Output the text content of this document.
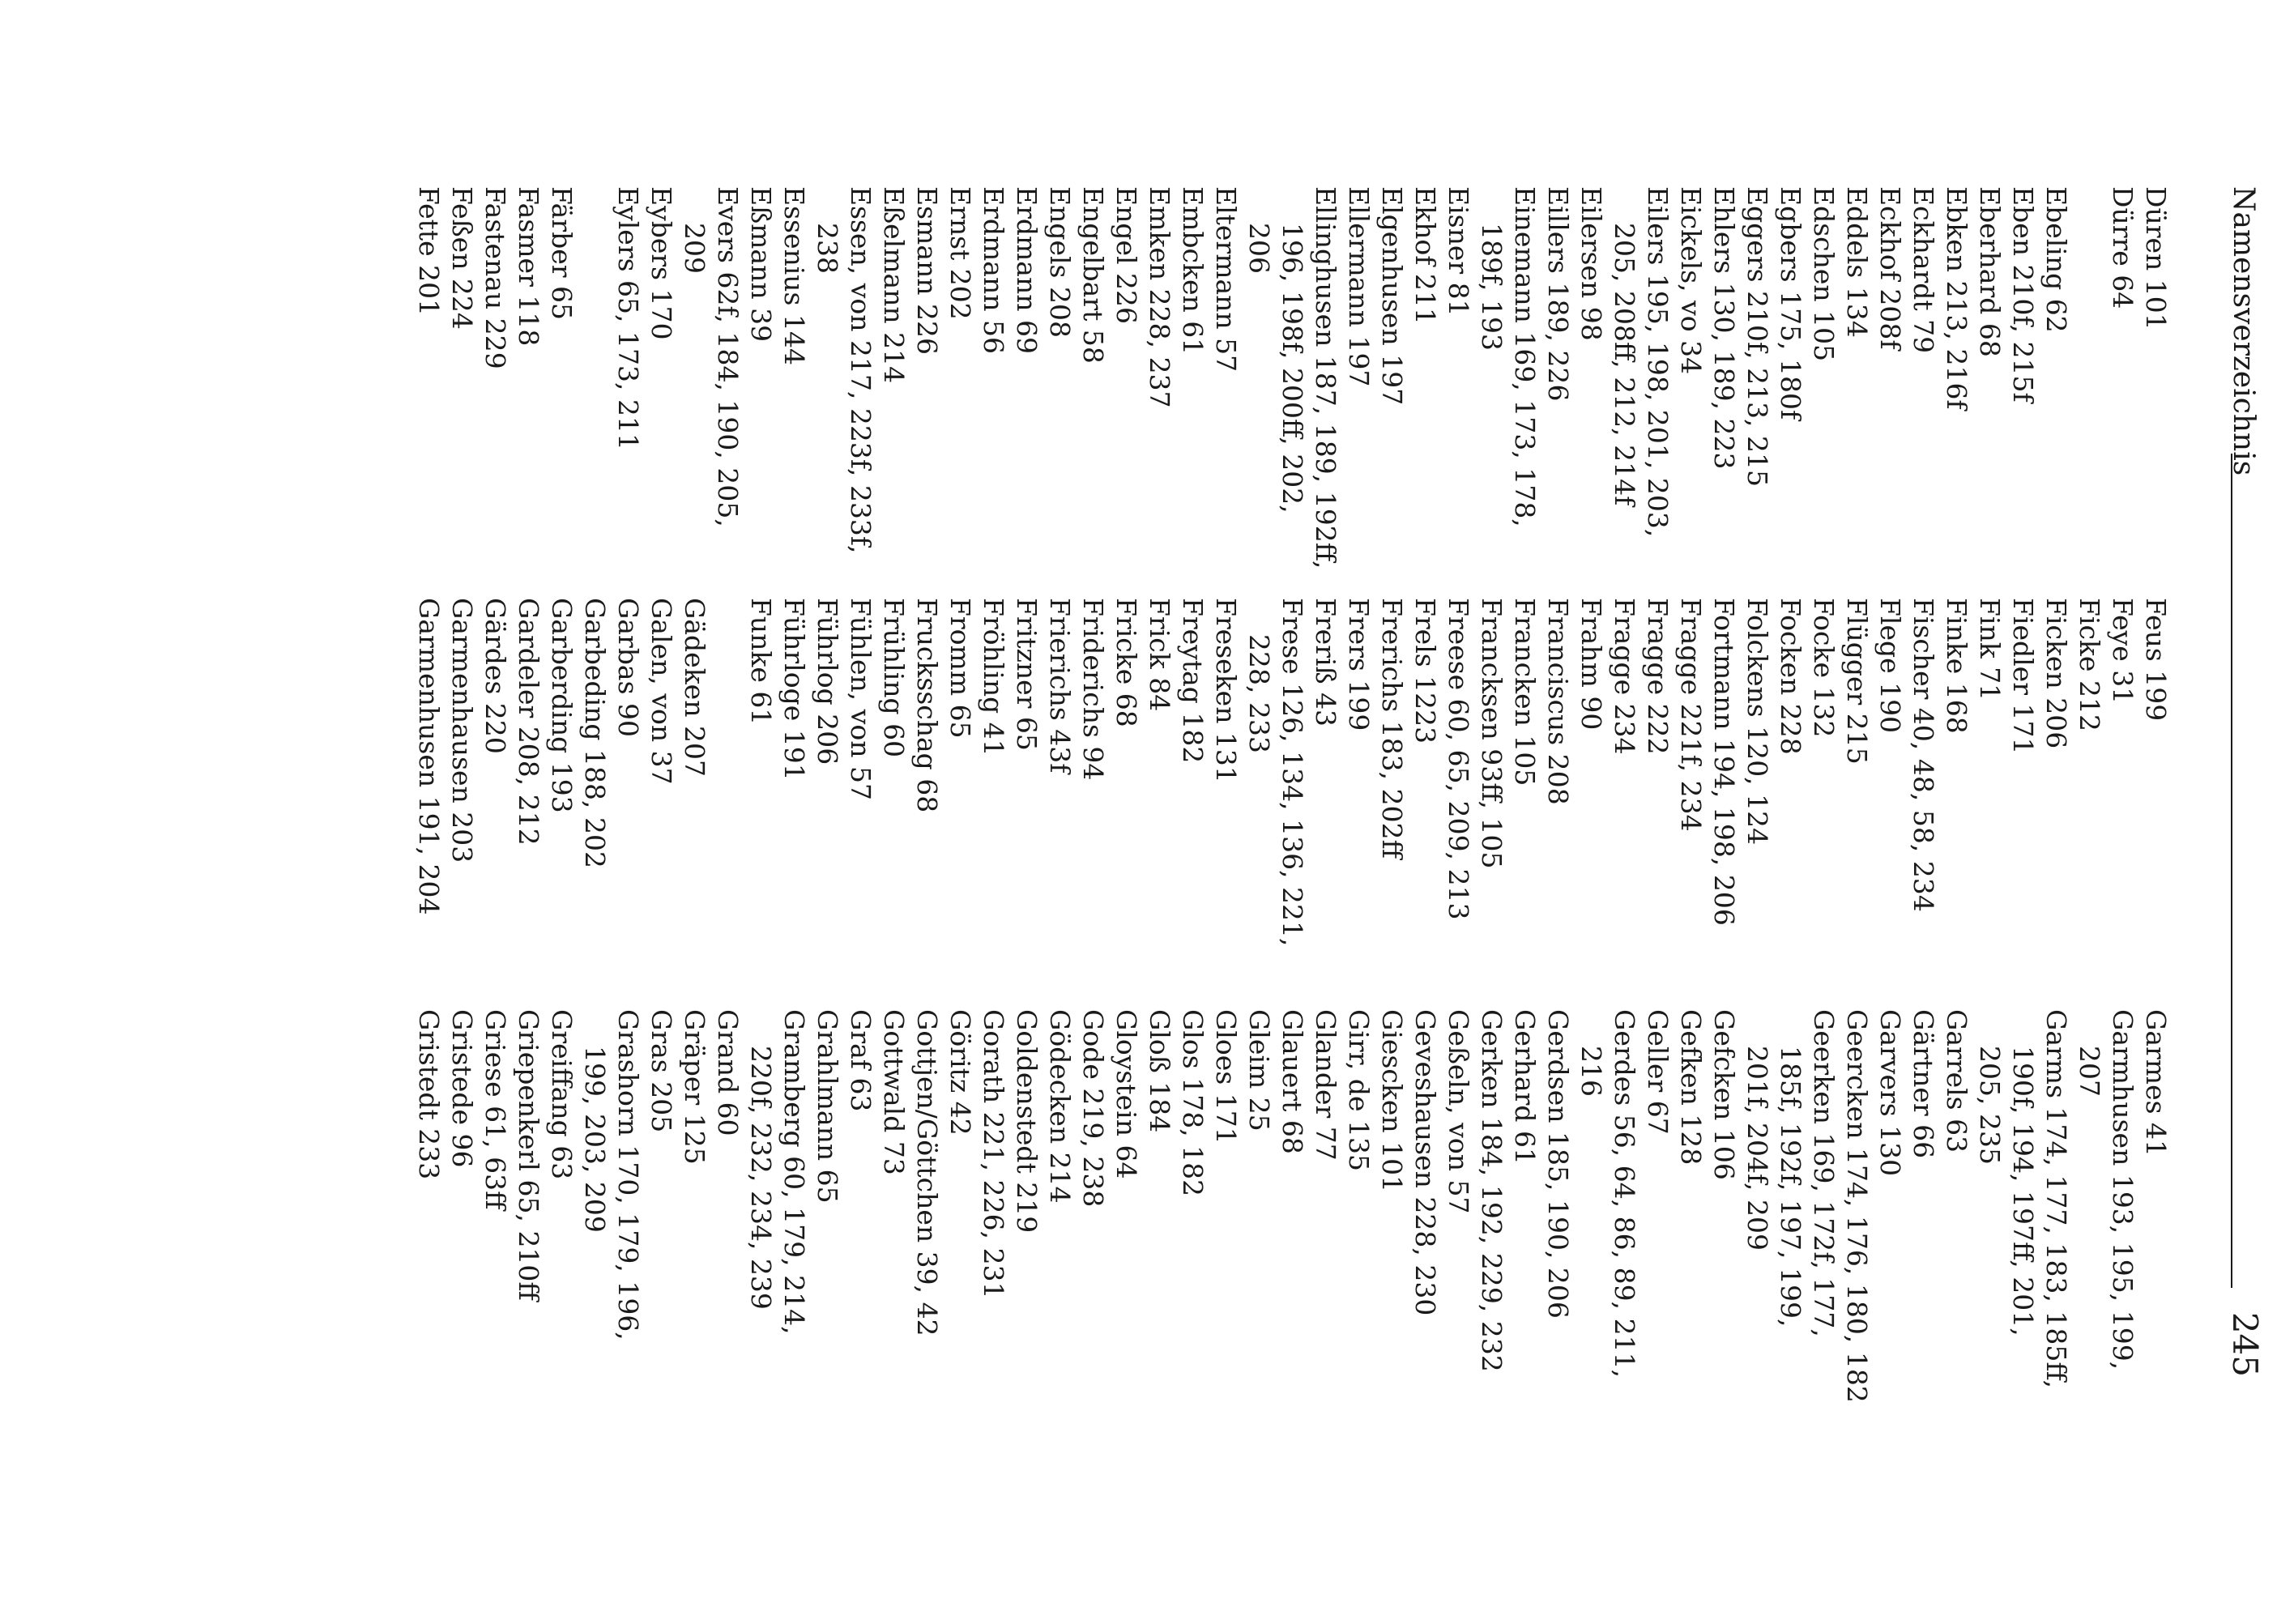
Namensverzeichnis
245
Düren 101
Dürre 64
Ebeling 62
Eben 210f, 215f
Eberhard 68
Ebken 213, 216f
Eckhardt 79
Eckhof 208f
Eddels 134
Edschen 105
Egbers 175, 180f
Eggers 210f, 213, 215
Ehlers 130, 189, 223
Eickels, vo 34
Eilers 195, 198, 201, 203,
205, 208ff, 212, 214f
Eilersen 98
Eillers 189, 226
Einemann 169, 173, 178,
189f, 193
Eisner 81
Ekhof 211
Elgenhusen 197
Ellermann 197
Ellinghusen 187, 189, 192ff,
196, 198f, 200ff, 202,
206
Eltermann 57
Embcken 61
Emken 228, 237
Engel 226
Engelbart 58
Engels 208
Erdmann 69
Erdmann 56
Ernst 202
Esmann 226
Eßelmann 214
Essen, von 217, 223f, 233f,
238
Essenius 144
Eßmann 39
Evers 62f, 184, 190, 205,
209
Eybers 170
Eylers 65, 173, 211
Färber 65
Fasmer 118
Fastenau 229
Feßen 224
Fette 201
Feus 199
Feye 31
Ficke 212
Ficken 206
Fiedler 171
Fink 71
Finke 168
Fischer 40, 48, 58, 234
Flege 190
Flügger 215
Focke 132
Focken 228
Folckens 120, 124
Fortmann 194, 198, 206
Fragge 221f, 234
Fragge 222
Fragge 234
Frahm 90
Franciscus 208
Francken 105
Francksen 93ff, 105
Freese 60, 65, 209, 213
Frels 1223
Frerichs 183, 202ff
Frers 199
Freriß 43
Frese 126, 134, 136, 221,
228, 233
Freseken 131
Freytag 182
Frick 84
Fricke 68
Friderichs 94
Frierichs 43f
Fritzner 65
Fröhling 41
Fromm 65
Frucksschag 68
Frühling 60
Fühlen, von 57
Führlog 206
Führloge 191
Funke 61
Gädeken 207
Galen, von 37
Garbas 90
Garbeding 188, 202
Garberding 193
Gardeler 208, 212
Gärdes 220
Garmenhausen 203
Garmenhusen 191, 204
Garmes 41
Garmhusen 193, 195, 199,
207
Garms 174, 177, 183, 185ff,
190f, 194, 197ff, 201,
205, 235
Garrels 63
Gärtner 66
Garvers 130
Geercken 174, 176, 180, 182
Geerken 169, 172f, 177,
185f, 192f, 197, 199,
201f, 204f, 209
Gefcken 106
Gefken 128
Geller 67
Gerdes 56, 64, 86, 89, 211,
216
Gerdsen 185, 190, 206
Gerhard 61
Gerken 184, 192, 229, 232
Geßeln, von 57
Geveshausen 228, 230
Giescken 101
Girr, de 135
Glander 77
Glauert 68
Gleim 25
Gloes 171
Glos 178, 182
Gloß 184
Gloystein 64
Gode 219, 238
Gödecken 214
Goldenstedt 219
Gorath 221, 226, 231
Göritz 42
Gottjen/Göttchen 39, 42
Gottwald 73
Graf 63
Grahlmann 65
Gramberg 60, 179, 214,
220f, 232, 234, 239
Grand 60
Gräper 125
Gras 205
Grashorn 170, 179, 196,
199, 203, 209
Greiffang 63
Griepenkerl 65, 210ff
Griese 61, 63ff
Gristede 96
Gristedt 233
